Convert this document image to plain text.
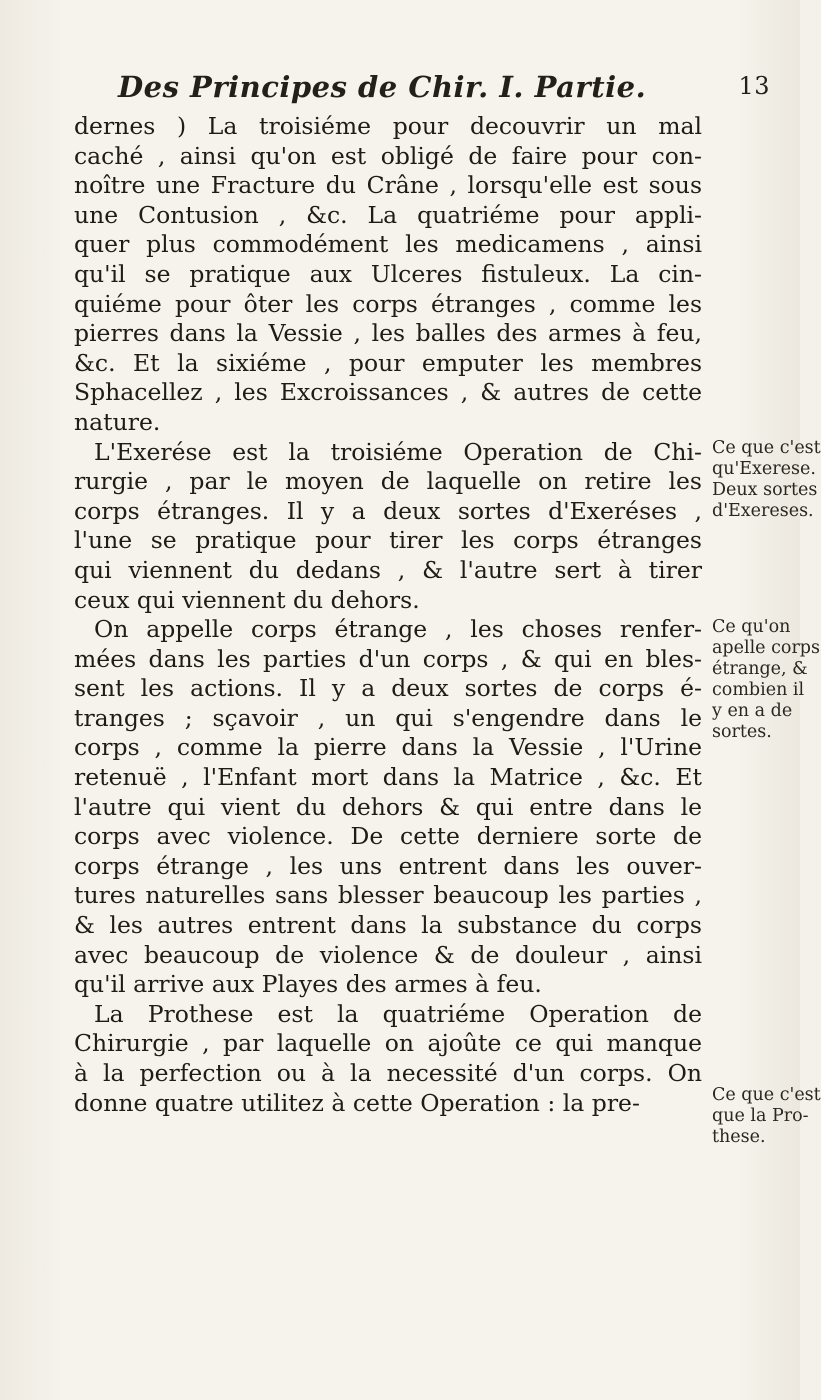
Des Principes de Chir. I. Partie.	13

dernes ) La troisiéme pour decouvrir un mal
caché , ainsi qu'on est obligé de faire pour con-
noître une Fracture du Crâne , lorsqu'elle est sous
une Contusion , &c. La quatriéme pour appli-
quer plus commodément les medicamens , ainsi
qu'il se pratique aux Ulceres fistuleux. La cin-
quiéme pour ôter les corps étranges , comme les
pierres dans la Vessie , les balles des armes à feu,
&c. Et la sixiéme , pour emputer les membres
Sphacellez , les Excroissances , & autres de cette
nature.

L'Exerése est la troisiéme Operation de Chi-
rurgie , par le moyen de laquelle on retire les
corps étranges. Il y a deux sortes d'Exeréses ,
l'une se pratique pour tirer les corps étranges
qui viennent du dedans , & l'autre sert à tirer
ceux qui viennent du dehors.

On appelle corps étrange , les choses renfer-
mées dans les parties d'un corps , & qui en bles-
sent les actions. Il y a deux sortes de corps é-
tranges ; sçavoir , un qui s'engendre dans le
corps , comme la pierre dans la Vessie , l'Urine
retenuë , l'Enfant mort dans la Matrice , &c. Et
l'autre qui vient du dehors & qui entre dans le
corps avec violence. De cette derniere sorte de
corps étrange , les uns entrent dans les ouver-
tures naturelles sans blesser beaucoup les parties ,
& les autres entrent dans la substance du corps
avec beaucoup de violence & de douleur , ainsi
qu'il arrive aux Playes des armes à feu.

La Prothese est la quatriéme Operation de
Chirurgie , par laquelle on ajoûte ce qui manque
à la perfection ou à la necessité d'un corps. On
donne quatre utilitez à cette Operation : la pre-

Ce que c'est
qu'Exerese.
Deux sortes
d'Exereses.
Ce qu'on
apelle corps
étrange, &
combien il
y en a de
sortes.
Ce que c'est
que la Pro-
these.
